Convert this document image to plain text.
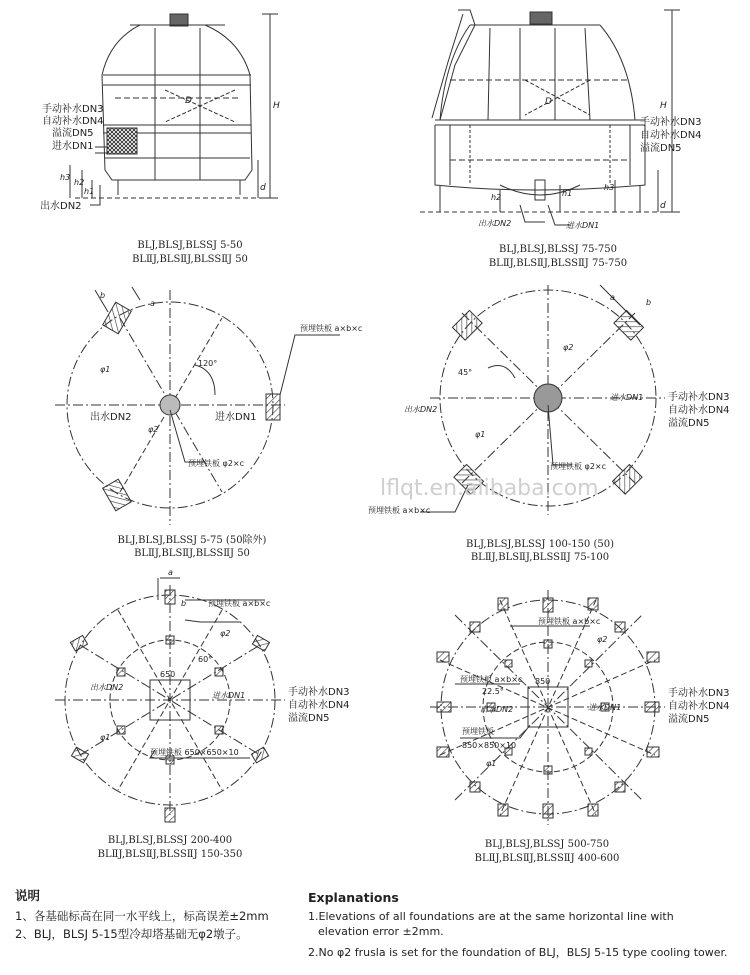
手动补水DN3
自动补水DN4
溢流DN5
进水DN1
出水DN2
D	H
d
h3
h2
h1
BLJ,BLSJ,BLSSJ 5-50
BLⅡJ,BLSⅡJ,BLSSⅡJ 50
手动补水DN3
自动补水DN4
溢流DN5
出水DN2	进水DN1
D	H
d
h2	h1
h3
BLJ,BLSJ,BLSSJ 75-750
BLⅡJ,BLSⅡJ,BLSSⅡJ 75-750
预埋铁板 a×b×c
120°
出水DN2	进水DN1
φ1
φ2
预埋铁板 φ2×c
a
b
BLJ,BLSJ,BLSSJ 5-75 (50除外)
BLⅡJ,BLSⅡJ,BLSSⅡJ 50
φ2
45°
出水DN2
进水DN1
φ1
预埋铁板 φ2×c
预埋铁板 a×b×c
手动补水DN3
自动补水DN4
溢流DN5
a
b
BLJ,BLSJ,BLSSJ 100-150 (50)
BLⅡJ,BLSⅡJ,BLSSⅡJ 75-100
a
b	预埋铁板 a×b×c
φ2
60°
650
出水DN2
进水DN1	手动补水DN3
自动补水DN4
溢流DN5
φ1
预埋铁板 650×650×10
BLJ,BLSJ,BLSSJ 200-400
BLⅡJ,BLSⅡJ,BLSSⅡJ 150-350
预埋铁板 a×b×c
φ2
预埋铁板 a×b×c
22.5°
850
出水DN2	进水DN1
手动补水DN3
自动补水DN4
溢流DN5
预埋铁板
850×850×10
φ1
BLJ,BLSJ,BLSSJ 500-750
BLⅡJ,BLSⅡJ,BLSSⅡJ 400-600
lflqt.en.alibaba.com
说明
1、各基础标高在同一水平线上，标高误差±2mm
2、BLJ，BLSJ 5-15型冷却塔基础无φ2墩子。
Explanations
1.Elevations of all foundations are at the same horizontal line with
elevation error ±2mm.
2.No φ2 frusla is set for the foundation of BLJ，BLSJ 5-15 type cooling tower.
